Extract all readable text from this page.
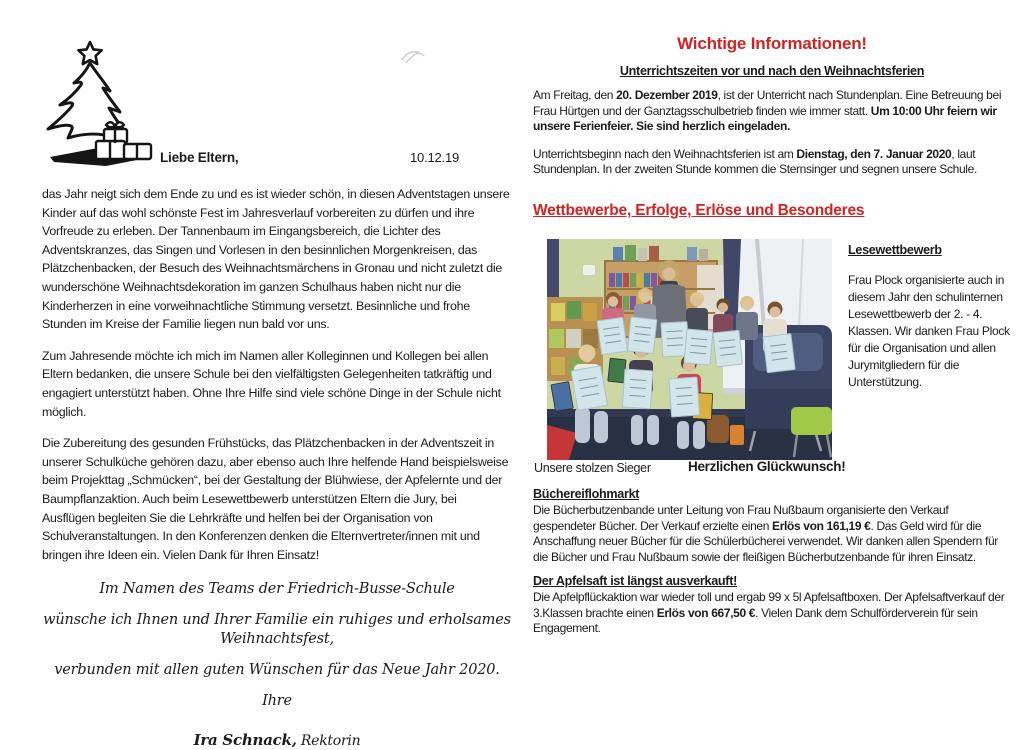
Liebe Eltern,	10.12.19

das Jahr neigt sich dem Ende zu und es ist wieder schön, in diesen Adventstagen unsere Kinder auf das wohl schönste Fest im Jahresverlauf vorbereiten zu dürfen und ihre Vorfreude zu erleben. Der Tannenbaum im Eingangsbereich, die Lichter des Adventskranzes, das Singen und Vorlesen in den besinnlichen Morgenkreisen, das Plätzchenbacken, der Besuch des Weihnachtsmärchens in Gronau und nicht zuletzt die wunderschöne Weihnachtsdekoration im ganzen Schulhaus haben nicht nur die Kinderherzen in eine vorweihnachtliche Stimmung versetzt. Besinnliche und frohe Stunden im Kreise der Familie liegen nun bald vor uns.

Zum Jahresende möchte ich mich im Namen aller Kolleginnen und Kollegen bei allen Eltern bedanken, die unsere Schule bei den vielfältigsten Gelegenheiten tatkräftig und engagiert unterstützt haben. Ohne Ihre Hilfe sind viele schöne Dinge in der Schule nicht möglich.

Die Zubereitung des gesunden Frühstücks, das Plätzchenbacken in der Adventszeit in unserer Schulküche gehören dazu, aber ebenso auch Ihre helfende Hand beispielsweise beim Projekttag „Schmücken“, bei der Gestaltung der Blühwiese, der Apfelernte und der Baumpflanzaktion. Auch beim Lesewettbewerb unterstützen Eltern die Jury, bei Ausflügen begleiten Sie die Lehrkräfte und helfen bei der Organisation von Schulveranstaltungen. In den Konferenzen denken die Elternvertreter/innen mit und bringen ihre Ideen ein. Vielen Dank für Ihren Einsatz!

Im Namen des Teams der Friedrich-Busse-Schule
wünsche ich Ihnen und Ihrer Familie ein ruhiges und erholsames Weihnachtsfest,
verbunden mit allen guten Wünschen für das Neue Jahr 2020.
Ihre
Ira Schnack, Rektorin
Wichtige Informationen!
Unterrichtszeiten vor und nach den Weihnachtsferien

Am Freitag, den 20. Dezember 2019, ist der Unterricht nach Stundenplan. Eine Betreuung bei Frau Hürtgen und der Ganztagsschulbetrieb finden wie immer statt. Um 10:00 Uhr feiern wir unsere Ferienfeier. Sie sind herzlich eingeladen.

Unterrichtsbeginn nach den Weihnachtsferien ist am Dienstag, den 7. Januar 2020, laut Stundenplan. In der zweiten Stunde kommen die Sternsinger und segnen unsere Schule.

Wettbewerbe, Erfolge, Erlöse und Besonderes
Lesewettbewerb
Frau Plock organisierte auch in diesem Jahr den schulinternen Lesewettbewerb der 2. - 4. Klassen. Wir danken Frau Plock für die Organisation und allen Jurymitgliedern für die Unterstützung.
Unsere stolzen Sieger	Herzlichen Glückwunsch!
Büchereiflohmarkt
Die Bücherbutzenbande unter Leitung von Frau Nußbaum organisierte den Verkauf gespendeter Bücher. Der Verkauf erzielte einen Erlös von 161,19 €. Das Geld wird für die Anschaffung neuer Bücher für die Schülerbücherei verwendet. Wir danken allen Spendern für die Bücher und Frau Nußbaum sowie der fleißigen Bücherbutzenbande für ihren Einsatz.
Der Apfelsaft ist längst ausverkauft!
Die Apfelpflückaktion war wieder toll und ergab 99 x 5l Apfelsaftboxen. Der Apfelsaftverkauf der 3.Klassen brachte einen Erlös von 667,50 €. Vielen Dank dem Schulförderverein für sein Engagement.
